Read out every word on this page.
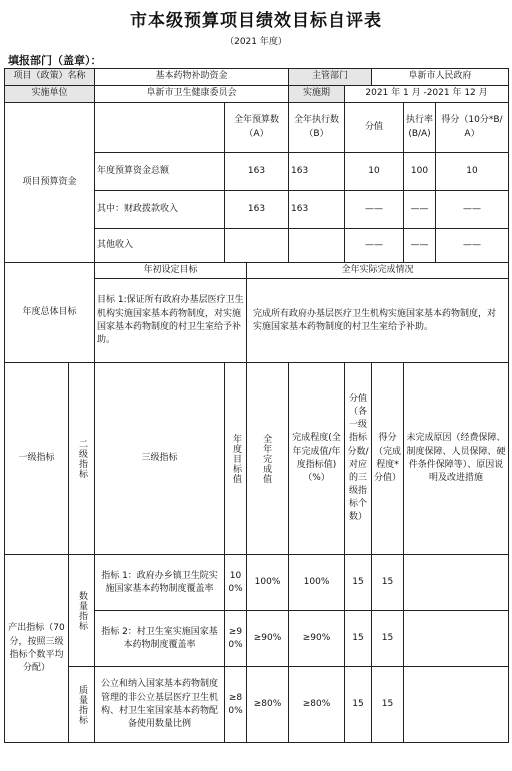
市本级预算项目绩效目标自评表
（2021 年度）
填报部门（盖章）：
项目（政策）名称		基本药物补助资金			主管部门		阜新市人民政府		
实施单位		阜新市卫生健康委员会			实施期	2021 年 1 月 -2021 年 12 月			
项目预算资金			全年预算数（A）		全年执行数（B）	分值		执行率(B/A)	得分（10分*B/A）
		年度预算资金总额	163		163	10		100	10
		其中：财政拨款收入	163		163	——		——	——
		其他收入				——		——	——
年度总体目标		年初设定目标		全年实际完成情况					
		目标 1:保证所有政府办基层医疗卫生机构实施国家基本药物制度，对实施国家基本药物制度的村卫生室给予补助。		完成所有政府办基层医疗卫生机构实施国家基本药物制度，对实施国家基本药物制度的村卫生室给予补助。					
一级指标	二级指标	三级指标	年度目标值	全年完成值	完成程度(全年完成值/年度指标值)（%）	分值（各一级指标分数/对应的三级指标个数）	得分（完成程度*分值）	未完成原因（经费保障、制度保障、人员保障、硬件条件保障等）、原因说明及改进措施	
产出指标（70分，按照三级指标个数平均分配）	数量指标	指标 1：政府办乡镇卫生院实施国家基本药物制度覆盖率	100%	100%	100%	15	15		
		指标 2：村卫生室实施国家基本药物制度覆盖率	≥90%	≥90%	≥90%	15	15		

	质量指标	公立和纳入国家基本药物制度管理的非公立基层医疗卫生机构、村卫生室国家基本药物配备使用数量比例	≥80%	≥80%	≥80%	15	15		
